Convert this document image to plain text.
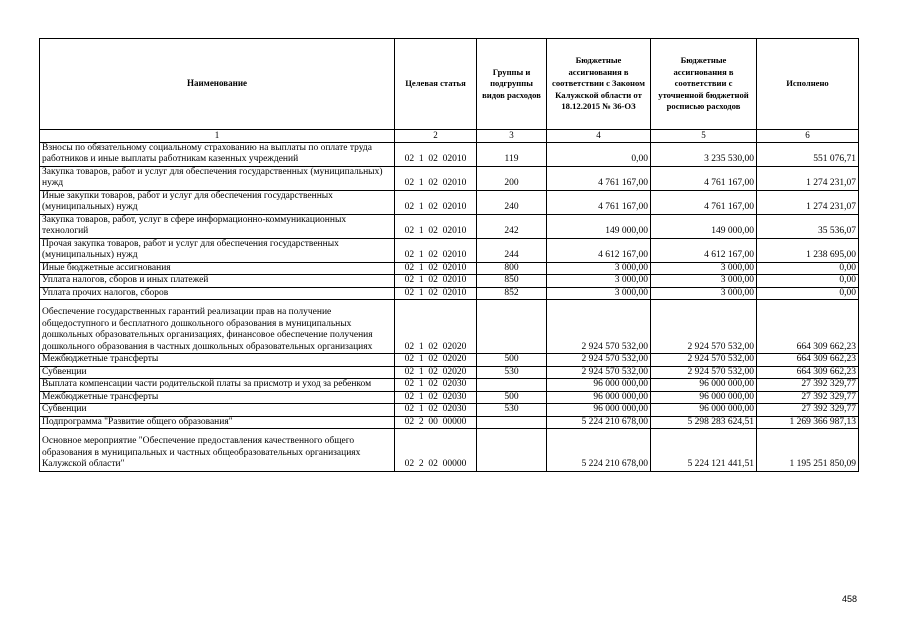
Наименование	Целевая статья	Группы и подгруппы видов расходов	Бюджетные ассигнования в соответствии с Законом Калужской области от 18.12.2015 № 36-ОЗ	Бюджетные ассигнования в соответствии с уточненной бюджетной росписью расходов	Исполнено
1	2	3	4	5	6
Взносы по обязательному социальному страхованию на выплаты по оплате труда работников и иные выплаты работникам казенных учреждений	02  1  02  02010	119	0,00	3 235 530,00	551 076,71
Закупка товаров, работ и услуг для обеспечения государственных (муниципальных) нужд	02  1  02  02010	200	4 761 167,00	4 761 167,00	1 274 231,07
Иные закупки товаров, работ и услуг для обеспечения государственных (муниципальных) нужд	02  1  02  02010	240	4 761 167,00	4 761 167,00	1 274 231,07
Закупка товаров, работ, услуг в сфере информационно-коммуникационных технологий	02  1  02  02010	242	149 000,00	149 000,00	35 536,07
Прочая закупка товаров, работ и услуг для обеспечения государственных (муниципальных) нужд	02  1  02  02010	244	4 612 167,00	4 612 167,00	1 238 695,00
Иные бюджетные ассигнования	02  1  02  02010	800	3 000,00	3 000,00	0,00
Уплата налогов, сборов и иных платежей	02  1  02  02010	850	3 000,00	3 000,00	0,00
Уплата прочих налогов, сборов	02  1  02  02010	852	3 000,00	3 000,00	0,00
Обеспечение государственных гарантий реализации прав на получение общедоступного и бесплатного дошкольного образования в муниципальных дошкольных образовательных организациях, финансовое обеспечение получения дошкольного образования в частных дошкольных образовательных организациях	02  1  02  02020		2 924 570 532,00	2 924 570 532,00	664 309 662,23
Межбюджетные трансферты	02  1  02  02020	500	2 924 570 532,00	2 924 570 532,00	664 309 662,23
Субвенции	02  1  02  02020	530	2 924 570 532,00	2 924 570 532,00	664 309 662,23
Выплата компенсации части родительской платы за присмотр и уход за ребенком	02  1  02  02030		96 000 000,00	96 000 000,00	27 392 329,77
Межбюджетные трансферты	02  1  02  02030	500	96 000 000,00	96 000 000,00	27 392 329,77
Субвенции	02  1  02  02030	530	96 000 000,00	96 000 000,00	27 392 329,77
Подпрограмма "Развитие общего образования"	02  2  00  00000		5 224 210 678,00	5 298 283 624,51	1 269 366 987,13
Основное мероприятие "Обеспечение предоставления качественного общего образования в муниципальных и частных общеобразовательных организациях Калужской области"	02  2  02  00000		5 224 210 678,00	5 224 121 441,51	1 195 251 850,09
458
